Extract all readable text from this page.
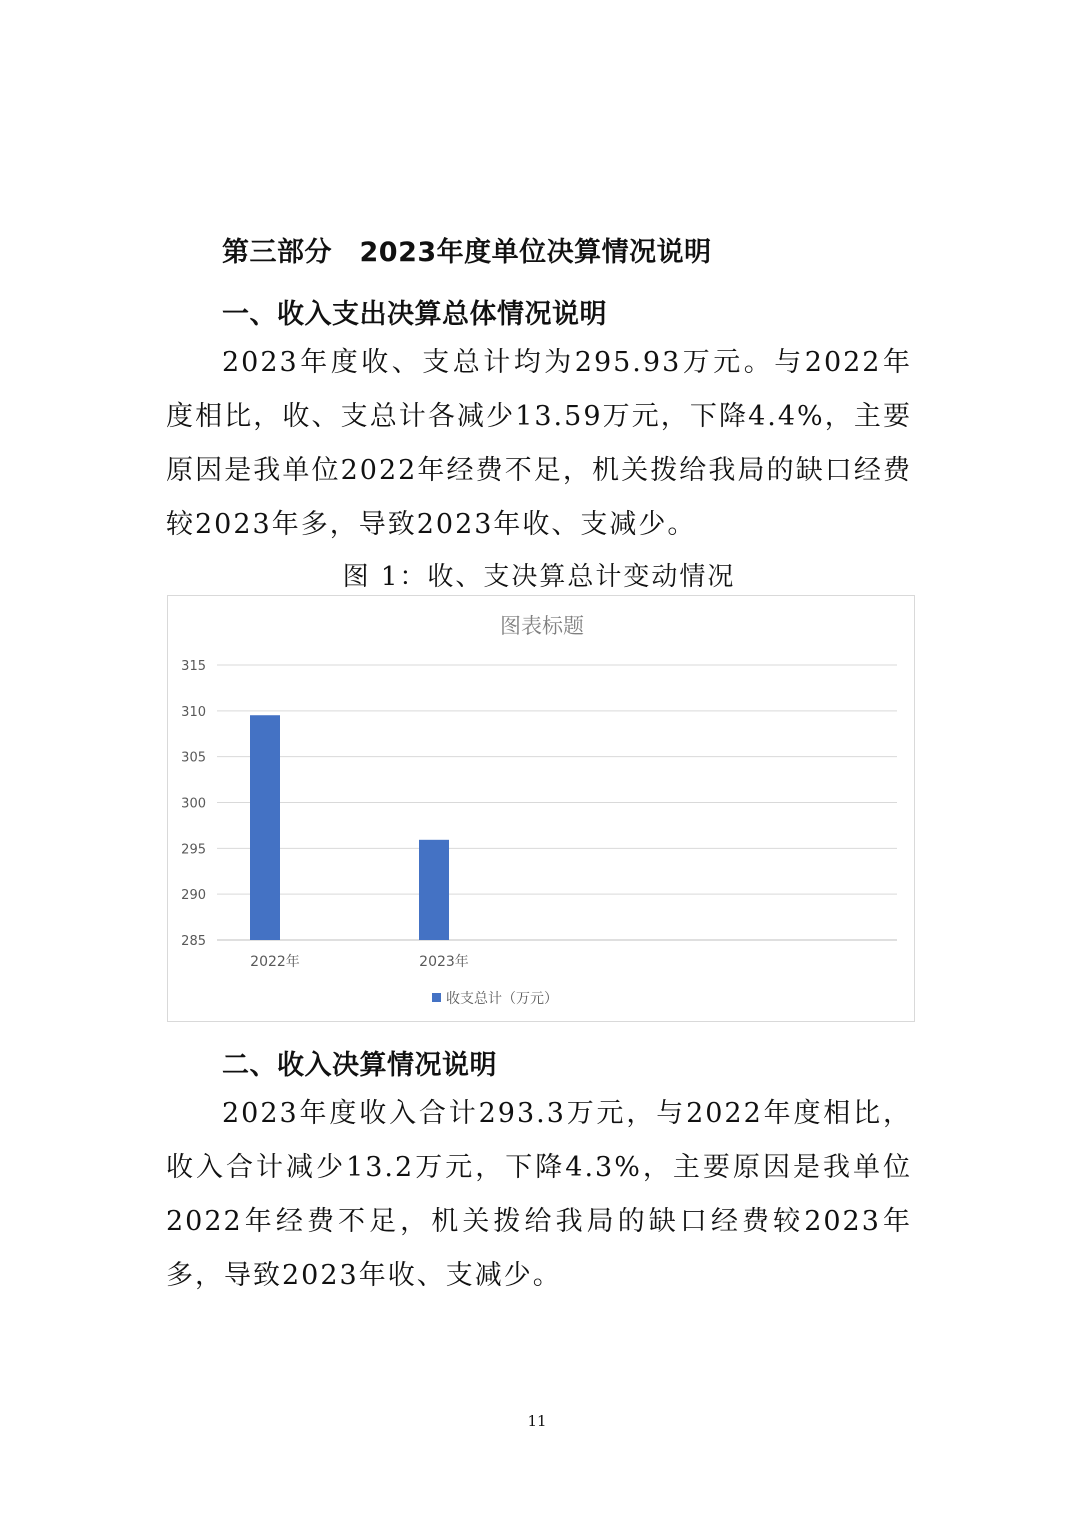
第三部分　2023年度单位决算情况说明
一、收入支出决算总体情况说明
2023年度收、支总计均为295.93万元。与2022年度相比，收、支总计各减少13.59万元，下降4.4%，主要原因是我单位2022年经费不足，机关拨给我局的缺口经费较2023年多，导致2023年收、支减少。
图 1：收、支决算总计变动情况
图表标题
285
290
295
300
305
310
315
2022年	2023年
收支总计（万元）
二、收入决算情况说明
2023年度收入合计293.3万元，与2022年度相比，收入合计减少13.2万元，下降4.3%，主要原因是我单位2022年经费不足，机关拨给我局的缺口经费较2023年多，导致2023年收、支减少。
11
